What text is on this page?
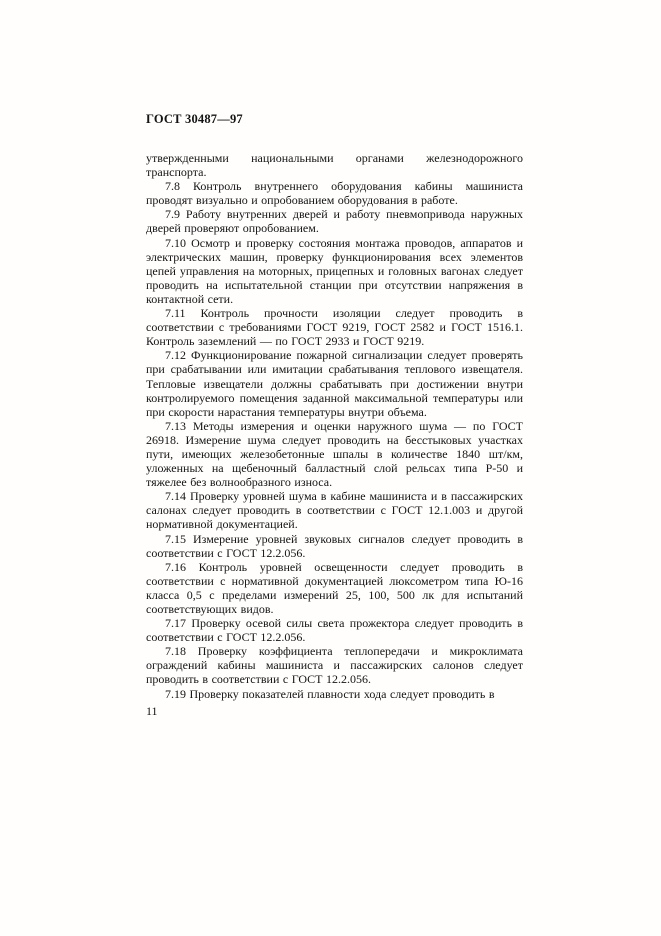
ГОСТ 30487—97

утвержденными национальными органами железнодорожного транспорта.

7.8 Контроль внутреннего оборудования кабины машиниста проводят визуально и опробованием оборудования в работе.

7.9 Работу внутренних дверей и работу пневмопривода наружных дверей проверяют опробованием.

7.10 Осмотр и проверку состояния монтажа проводов, аппаратов и электрических машин, проверку функционирования всех элементов цепей управления на моторных, прицепных и головных вагонах следует проводить на испытательной станции при отсутствии напряжения в контактной сети.

7.11 Контроль прочности изоляции следует проводить в соответствии с требованиями ГОСТ 9219, ГОСТ 2582 и ГОСТ 1516.1. Контроль заземлений — по ГОСТ 2933 и ГОСТ 9219.

7.12 Функционирование пожарной сигнализации следует проверять при срабатывании или имитации срабатывания теплового извещателя. Тепловые извещатели должны срабатывать при достижении внутри контролируемого помещения заданной максимальной температуры или при скорости нарастания температуры внутри объема.

7.13 Методы измерения и оценки наружного шума — по ГОСТ 26918. Измерение шума следует проводить на бесстыковых участках пути, имеющих железобетонные шпалы в количестве 1840 шт/км, уложенных на щебеночный балластный слой рельсах типа Р-50 и тяжелее без волнообразного износа.

7.14 Проверку уровней шума в кабине машиниста и в пассажирских салонах следует проводить в соответствии с ГОСТ 12.1.003 и другой нормативной документацией.

7.15 Измерение уровней звуковых сигналов следует проводить в соответствии с ГОСТ 12.2.056.

7.16 Контроль уровней освещенности следует проводить в соответствии с нормативной документацией люксометром типа Ю-16 класса 0,5 с пределами измерений 25, 100, 500 лк для испытаний соответствующих видов.

7.17 Проверку осевой силы света прожектора следует проводить в соответствии с ГОСТ 12.2.056.

7.18 Проверку коэффициента теплопередачи и микроклимата ограждений кабины машиниста и пассажирских салонов следует проводить в соответствии с ГОСТ 12.2.056.

7.19 Проверку показателей плавности хода следует проводить в

11
